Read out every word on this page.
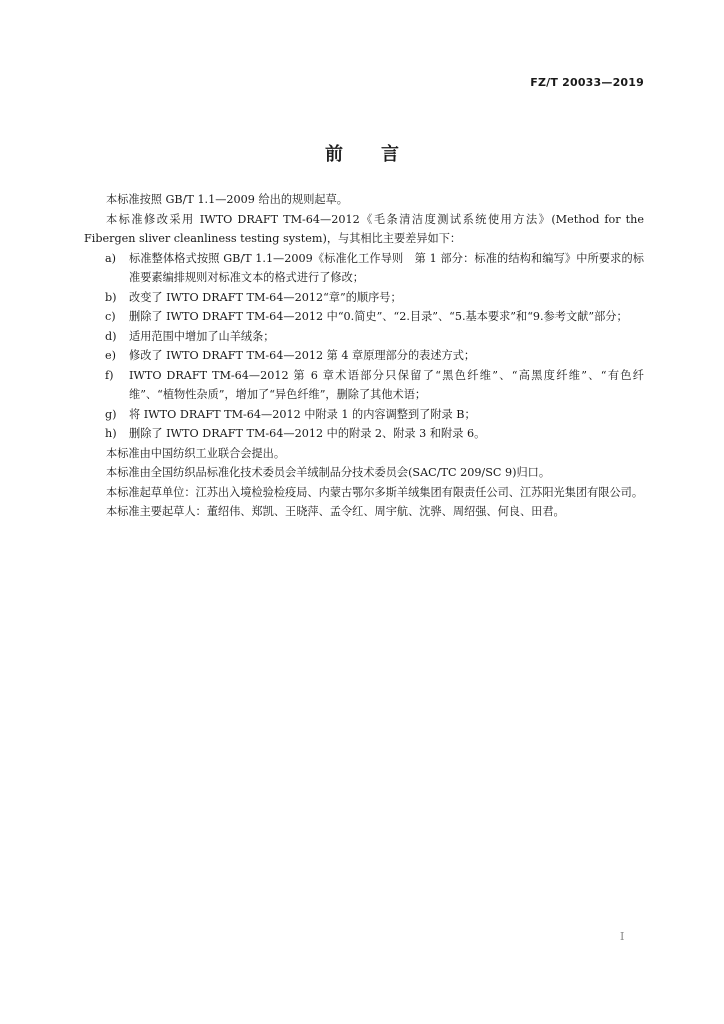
FZ/T 20033—2019
前言

本标准按照 GB/T 1.1—2009 给出的规则起草。

本标准修改采用 IWTO DRAFT TM-64—2012《毛条清洁度测试系统使用方法》(Method for the Fibergen sliver cleanliness testing system)，与其相比主要差异如下：

a) 标准整体格式按照 GB/T 1.1—2009《标准化工作导则　第 1 部分：标准的结构和编写》中所要求的标准要素编排规则对标准文本的格式进行了修改；

b) 改变了 IWTO DRAFT TM-64—2012“章”的顺序号；

c) 删除了 IWTO DRAFT TM-64—2012 中“0.简史”、“2.目录”、“5.基本要求”和“9.参考文献”部分；

d) 适用范围中增加了山羊绒条；

e) 修改了 IWTO DRAFT TM-64—2012 第 4 章原理部分的表述方式；

f) IWTO DRAFT TM-64—2012 第 6 章术语部分只保留了“黑色纤维”、“高黑度纤维”、“有色纤维”、“植物性杂质”，增加了“异色纤维”，删除了其他术语；

g) 将 IWTO DRAFT TM-64—2012 中附录 1 的内容调整到了附录 B；

h) 删除了 IWTO DRAFT TM-64—2012 中的附录 2、附录 3 和附录 6。

本标准由中国纺织工业联合会提出。

本标准由全国纺织品标准化技术委员会羊绒制品分技术委员会(SAC/TC 209/SC 9)归口。

本标准起草单位：江苏出入境检验检疫局、内蒙古鄂尔多斯羊绒集团有限责任公司、江苏阳光集团有限公司。

本标准主要起草人：董绍伟、郑凯、王晓萍、孟令红、周宇航、沈骅、周绍强、何良、田君。

I
